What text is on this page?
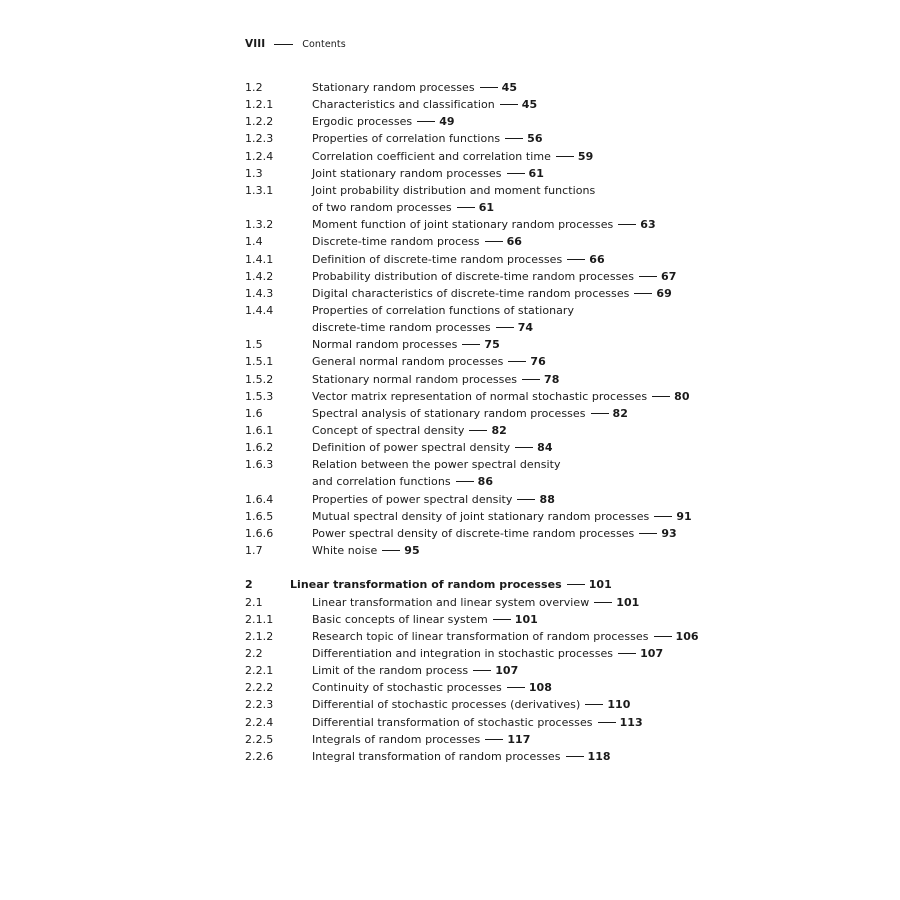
VIII	Contents
1.2	Stationary random processes 45
1.2.1	Characteristics and classification 45
1.2.2	Ergodic processes 49
1.2.3	Properties of correlation functions 56
1.2.4	Correlation coefficient and correlation time 59
1.3	Joint stationary random processes 61
1.3.1	Joint probability distribution and moment functions
of two random processes 61
1.3.2	Moment function of joint stationary random processes 63
1.4	Discrete-time random process 66
1.4.1	Definition of discrete-time random processes 66
1.4.2	Probability distribution of discrete-time random processes 67
1.4.3	Digital characteristics of discrete-time random processes 69
1.4.4	Properties of correlation functions of stationary
discrete-time random processes 74
1.5	Normal random processes 75
1.5.1	General normal random processes 76
1.5.2	Stationary normal random processes 78
1.5.3	Vector matrix representation of normal stochastic processes 80
1.6	Spectral analysis of stationary random processes 82
1.6.1	Concept of spectral density 82
1.6.2	Definition of power spectral density 84
1.6.3	Relation between the power spectral density
and correlation functions 86
1.6.4	Properties of power spectral density 88
1.6.5	Mutual spectral density of joint stationary random processes 91
1.6.6	Power spectral density of discrete-time random processes 93
1.7	White noise 95
2	Linear transformation of random processes 101
2.1	Linear transformation and linear system overview 101
2.1.1	Basic concepts of linear system 101
2.1.2	Research topic of linear transformation of random processes 106
2.2	Differentiation and integration in stochastic processes 107
2.2.1	Limit of the random process 107
2.2.2	Continuity of stochastic processes 108
2.2.3	Differential of stochastic processes (derivatives) 110
2.2.4	Differential transformation of stochastic processes 113
2.2.5	Integrals of random processes 117
2.2.6	Integral transformation of random processes 118
